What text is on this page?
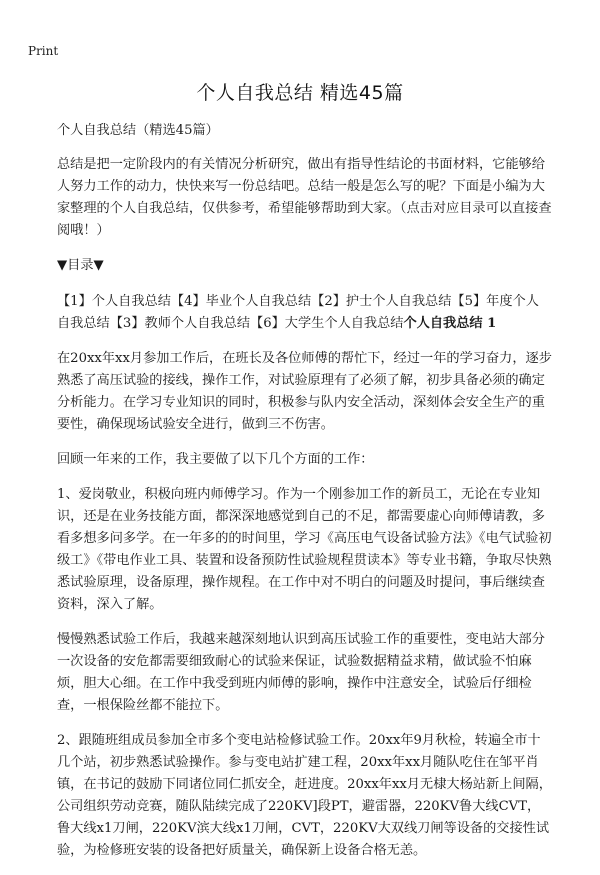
Print
个人自我总结 精选45篇

个人自我总结（精选45篇）

总结是把一定阶段内的有关情况分析研究，做出有指导性结论的书面材料，它能够给人努力工作的动力，快快来写一份总结吧。总结一般是怎么写的呢？下面是小编为大家整理的个人自我总结，仅供参考，希望能够帮助到大家。（点击对应目录可以直接查阅哦！）

▼目录▼

【1】个人自我总结【4】毕业个人自我总结【2】护士个人自我总结【5】年度个人自我总结【3】教师个人自我总结【6】大学生个人自我总结个人自我总结 1

在20xx年xx月参加工作后，在班长及各位师傅的帮忙下，经过一年的学习奋力，逐步熟悉了高压试验的接线，操作工作，对试验原理有了必须了解，初步具备必须的确定分析能力。在学习专业知识的同时，积极参与队内安全活动，深刻体会安全生产的重要性，确保现场试验安全进行，做到三不伤害。

回顾一年来的工作，我主要做了以下几个方面的工作：

1、爱岗敬业，积极向班内师傅学习。作为一个刚参加工作的新员工，无论在专业知识，还是在业务技能方面，都深深地感觉到自己的不足，都需要虚心向师傅请教，多看多想多问多学。在一年多的的时间里，学习《高压电气设备试验方法》《电气试验初级工》《带电作业工具、装置和设备预防性试验规程贯读本》等专业书籍，争取尽快熟悉试验原理，设备原理，操作规程。在工作中对不明白的问题及时提问，事后继续查资料，深入了解。

慢慢熟悉试验工作后，我越来越深刻地认识到高压试验工作的重要性，变电站大部分一次设备的安危都需要细致耐心的试验来保证，试验数据精益求精，做试验不怕麻烦，胆大心细。在工作中我受到班内师傅的影响，操作中注意安全，试验后仔细检查，一根保险丝都不能拉下。

2、跟随班组成员参加全市多个变电站检修试验工作。20xx年9月秋检，转遍全市十几个站，初步熟悉试验操作。参与变电站扩建工程，20xx年xx月随队吃住在邹平肖镇，在书记的鼓励下同诸位同仁抓安全，赶进度。20xx年xx月无棣大杨站新上间隔，公司组织劳动竞赛，随队陆续完成了220KV]段PT，避雷器，220KV鲁大线CVT，鲁大线x1刀闸，220KV滨大线x1刀闸，CVT，220KV大双线刀闸等设备的交接性试验，为检修班安装的设备把好质量关，确保新上设备合格无恙。
